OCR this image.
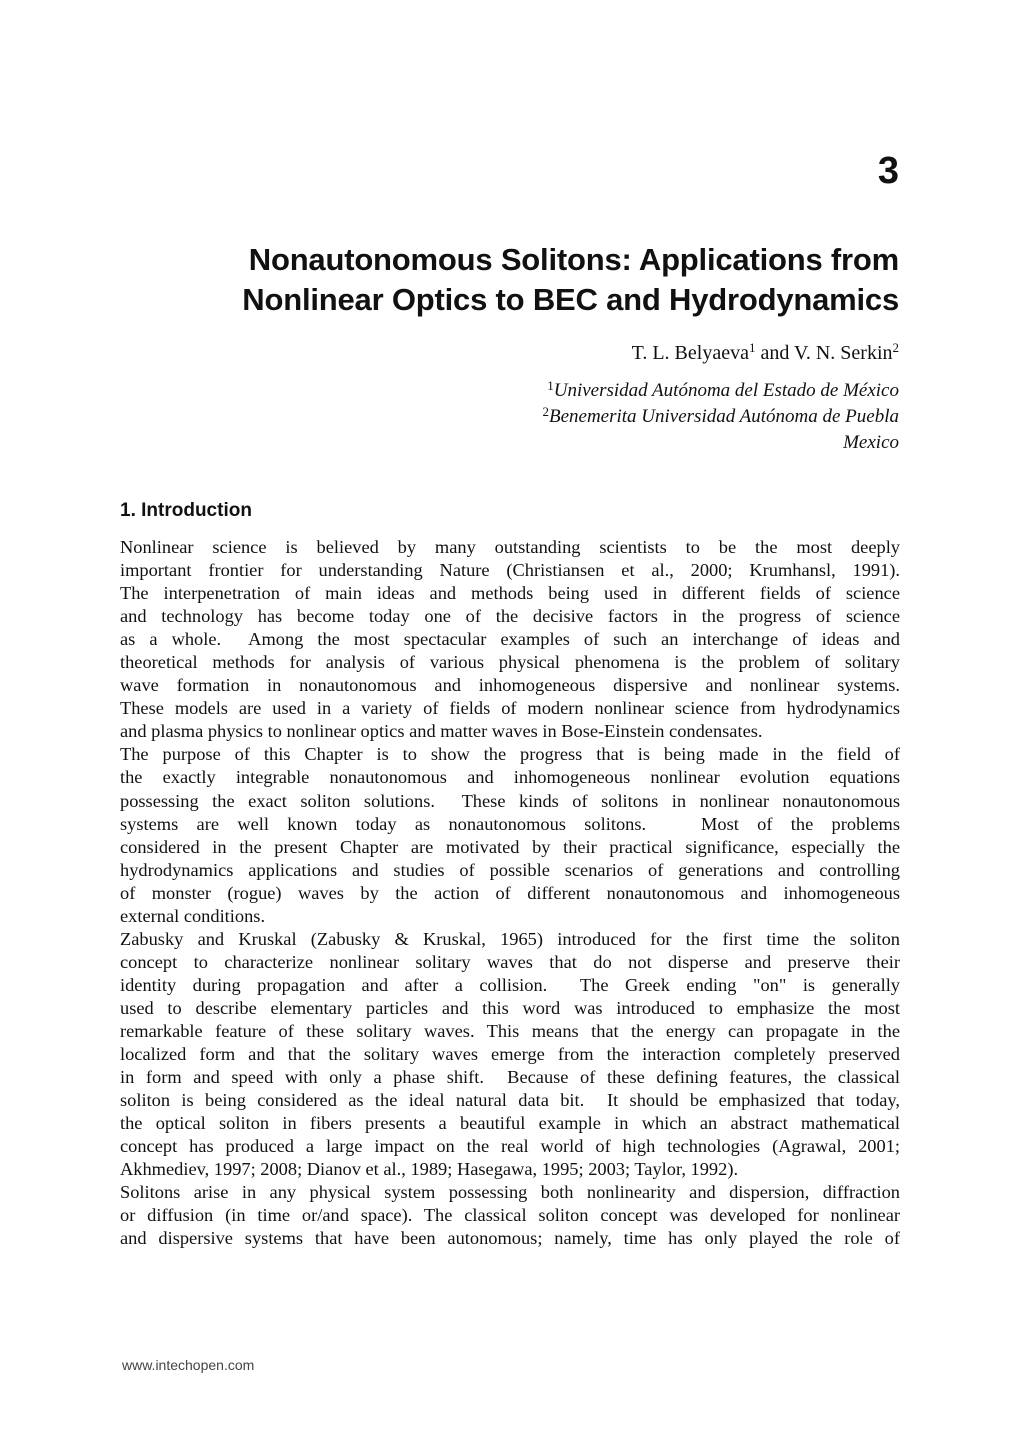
3
Nonautonomous Solitons: Applications from
Nonlinear Optics to BEC and Hydrodynamics
T. L. Belyaeva$^1$ and V. N. Serkin$^2$
$^1$Universidad Autónoma del Estado de México
$^2$Benemerita Universidad Autónoma de Puebla
Mexico
1. Introduction
Nonlinear science is believed by many outstanding scientists to be the most deeply
important frontier for understanding Nature (Christiansen et al., 2000; Krumhansl, 1991).
The interpenetration of main ideas and methods being used in different fields of science
and technology has become today one of the decisive factors in the progress of science
as a whole.  Among the most spectacular examples of such an interchange of ideas and
theoretical methods for analysis of various physical phenomena is the problem of solitary
wave formation in nonautonomous and inhomogeneous dispersive and nonlinear systems.
These models are used in a variety of fields of modern nonlinear science from hydrodynamics
and plasma physics to nonlinear optics and matter waves in Bose-Einstein condensates.
The purpose of this Chapter is to show the progress that is being made in the field of
the exactly integrable nonautonomous and inhomogeneous nonlinear evolution equations
possessing the exact soliton solutions.  These kinds of solitons in nonlinear nonautonomous
systems are well known today as nonautonomous solitons.   Most of the problems
considered in the present Chapter are motivated by their practical significance, especially the
hydrodynamics applications and studies of possible scenarios of generations and controlling
of monster (rogue) waves by the action of different nonautonomous and inhomogeneous
external conditions.
Zabusky and Kruskal (Zabusky & Kruskal, 1965) introduced for the first time the soliton
concept to characterize nonlinear solitary waves that do not disperse and preserve their
identity during propagation and after a collision.  The Greek ending "on" is generally
used to describe elementary particles and this word was introduced to emphasize the most
remarkable feature of these solitary waves. This means that the energy can propagate in the
localized form and that the solitary waves emerge from the interaction completely preserved
in form and speed with only a phase shift.  Because of these defining features, the classical
soliton is being considered as the ideal natural data bit.  It should be emphasized that today,
the optical soliton in fibers presents a beautiful example in which an abstract mathematical
concept has produced a large impact on the real world of high technologies (Agrawal, 2001;
Akhmediev, 1997; 2008; Dianov et al., 1989; Hasegawa, 1995; 2003; Taylor, 1992).
Solitons arise in any physical system possessing both nonlinearity and dispersion, diffraction
or diffusion (in time or/and space). The classical soliton concept was developed for nonlinear
and dispersive systems that have been autonomous; namely, time has only played the role of
www.intechopen.com
